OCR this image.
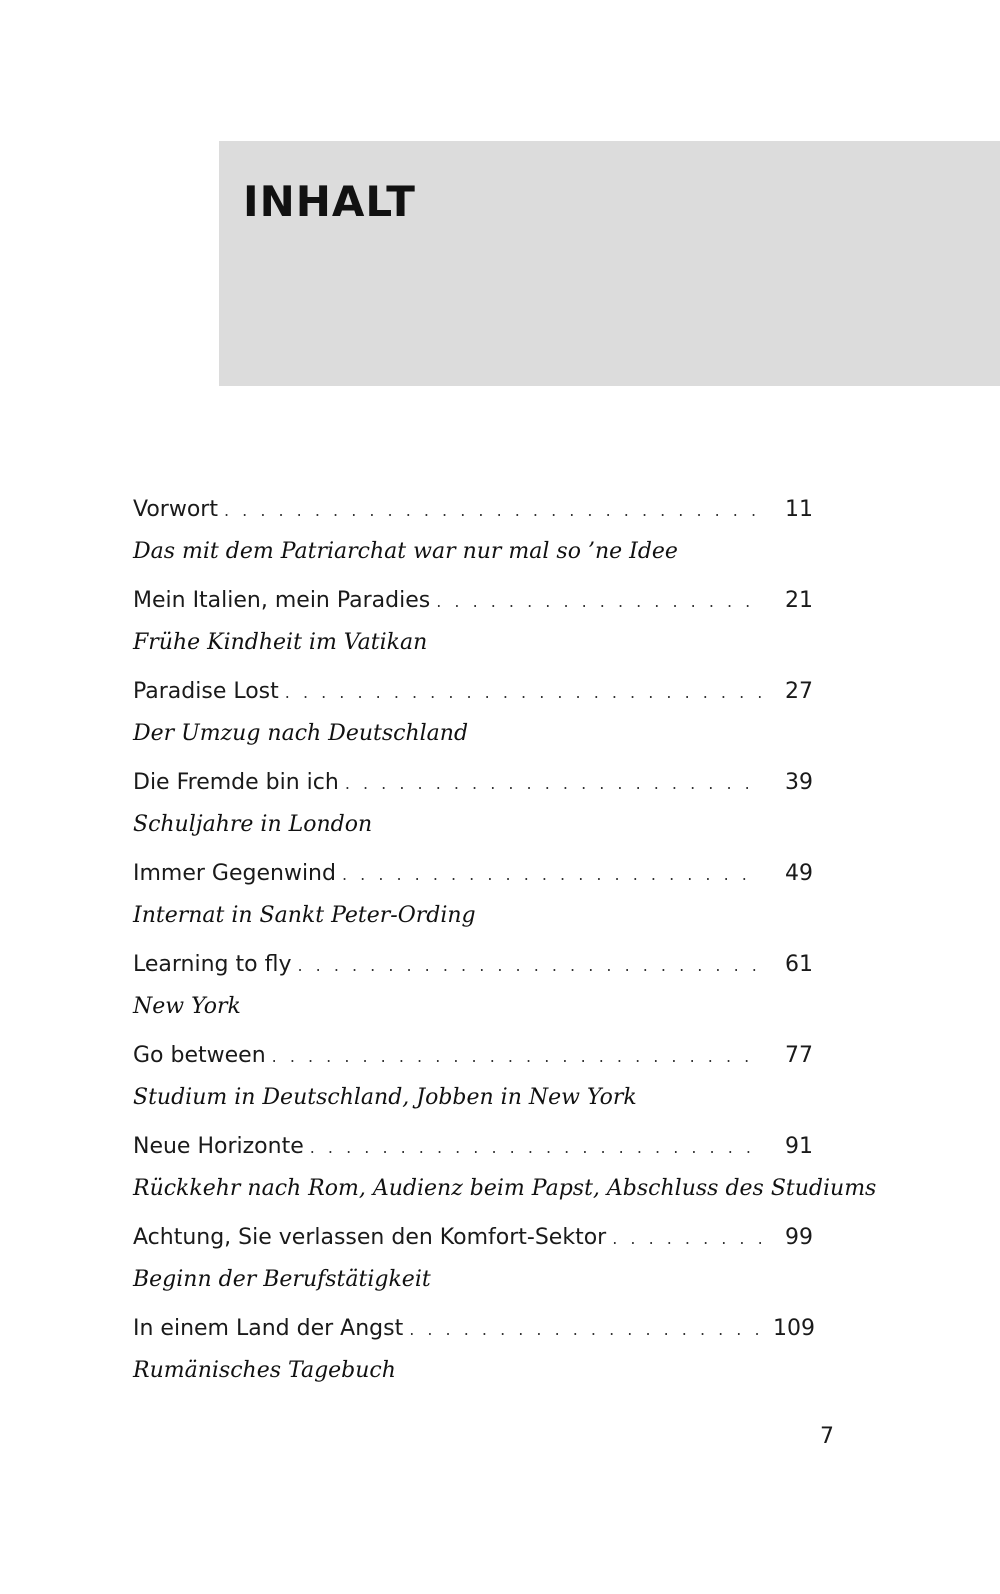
INHALT
Vorwort . . .	11
Das mit dem Patriarchat war nur mal so ’ne Idee
Mein Italien, mein Paradies . . .	21
Frühe Kindheit im Vatikan
Paradise Lost . . .	27
Der Umzug nach Deutschland
Die Fremde bin ich . . .	39
Schuljahre in London
Immer Gegenwind . . .	49
Internat in Sankt Peter-Ording
Learning to fly . . .	61
New York
Go between . . .	77
Studium in Deutschland, Jobben in New York
Neue Horizonte . . .	91
Rückkehr nach Rom, Audienz beim Papst, Abschluss des Studiums
Achtung, Sie verlassen den Komfort-Sektor . . .	99
Beginn der Berufstätigkeit
In einem Land der Angst . . .	109
Rumänisches Tagebuch
7
